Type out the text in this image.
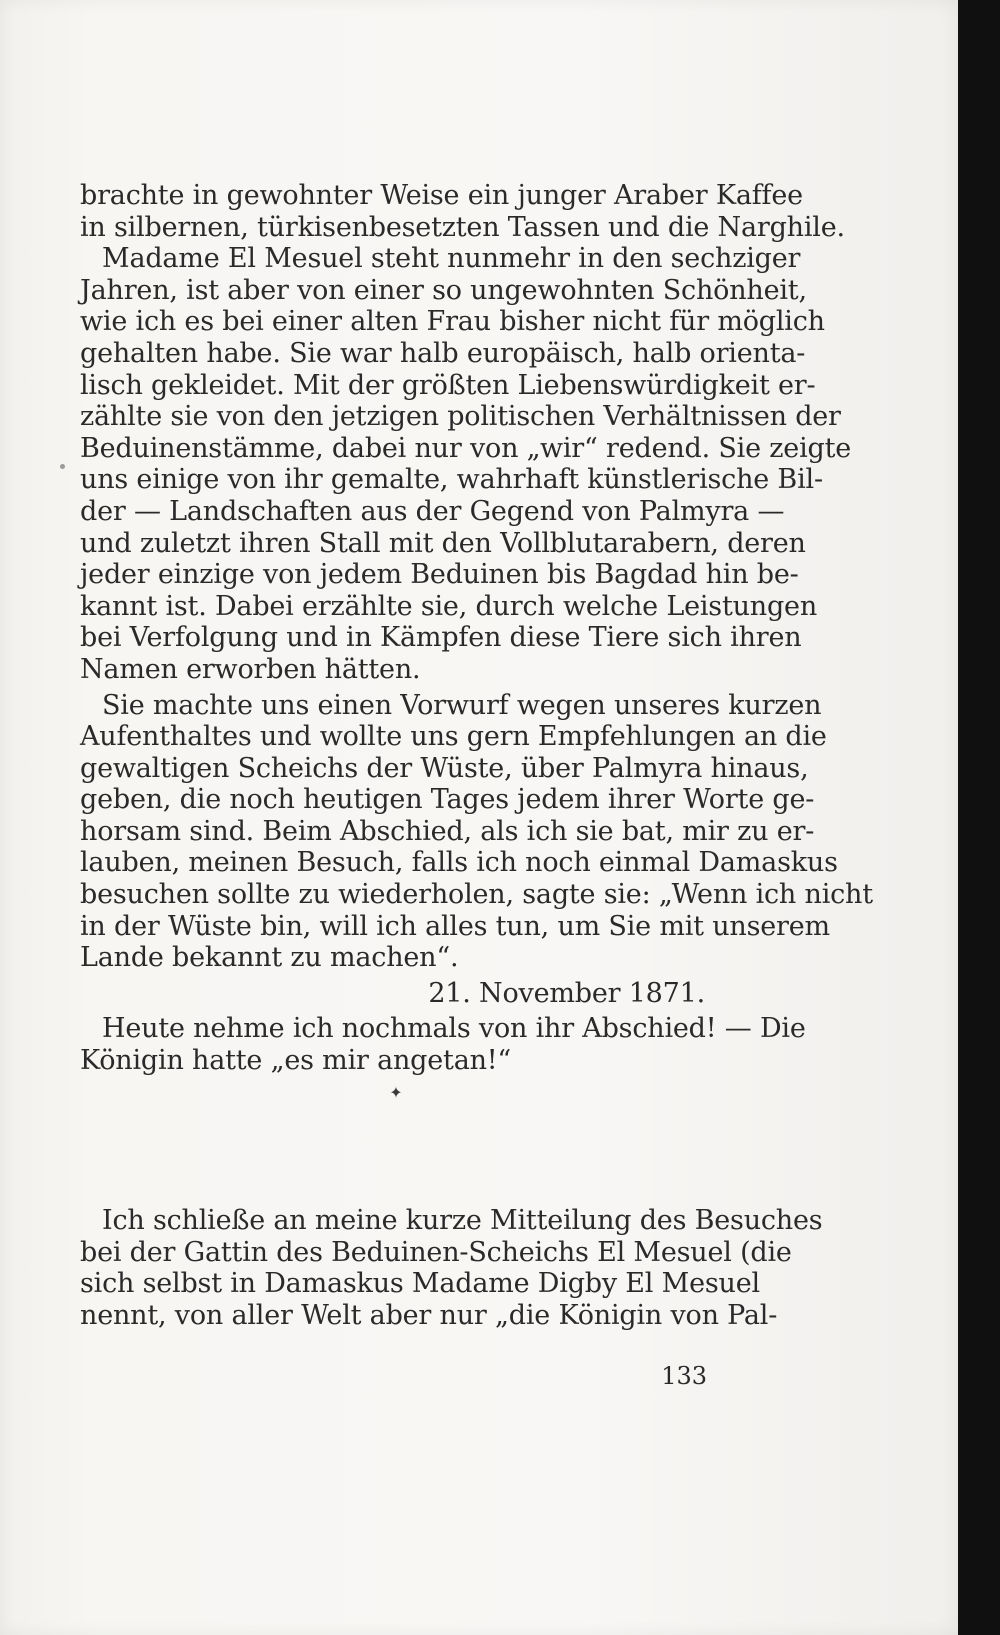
brachte in gewohnter Weise ein junger Araber Kaffee
in silbernen, türkisenbesetzten Tassen und die Narghile.
Madame El Mesuel steht nunmehr in den sechziger
Jahren, ist aber von einer so ungewohnten Schönheit,
wie ich es bei einer alten Frau bisher nicht für möglich
gehalten habe. Sie war halb europäisch, halb orienta-
lisch gekleidet. Mit der größten Liebenswürdigkeit er-
zählte sie von den jetzigen politischen Verhältnissen der
Beduinenstämme, dabei nur von „wir“ redend. Sie zeigte
uns einige von ihr gemalte, wahrhaft künstlerische Bil-
der — Landschaften aus der Gegend von Palmyra —
und zuletzt ihren Stall mit den Vollblutarabern, deren
jeder einzige von jedem Beduinen bis Bagdad hin be-
kannt ist. Dabei erzählte sie, durch welche Leistungen
bei Verfolgung und in Kämpfen diese Tiere sich ihren
Namen erworben hätten.
Sie machte uns einen Vorwurf wegen unseres kurzen
Aufenthaltes und wollte uns gern Empfehlungen an die
gewaltigen Scheichs der Wüste, über Palmyra hinaus,
geben, die noch heutigen Tages jedem ihrer Worte ge-
horsam sind. Beim Abschied, als ich sie bat, mir zu er-
lauben, meinen Besuch, falls ich noch einmal Damaskus
besuchen sollte zu wiederholen, sagte sie: „Wenn ich nicht
in der Wüste bin, will ich alles tun, um Sie mit unserem
Lande bekannt zu machen“.
21. November 1871.
Heute nehme ich nochmals von ihr Abschied! — Die
Königin hatte „es mir angetan!“
✦
Ich schließe an meine kurze Mitteilung des Besuches
bei der Gattin des Beduinen-Scheichs El Mesuel (die
sich selbst in Damaskus Madame Digby El Mesuel
nennt, von aller Welt aber nur „die Königin von Pal-
133
